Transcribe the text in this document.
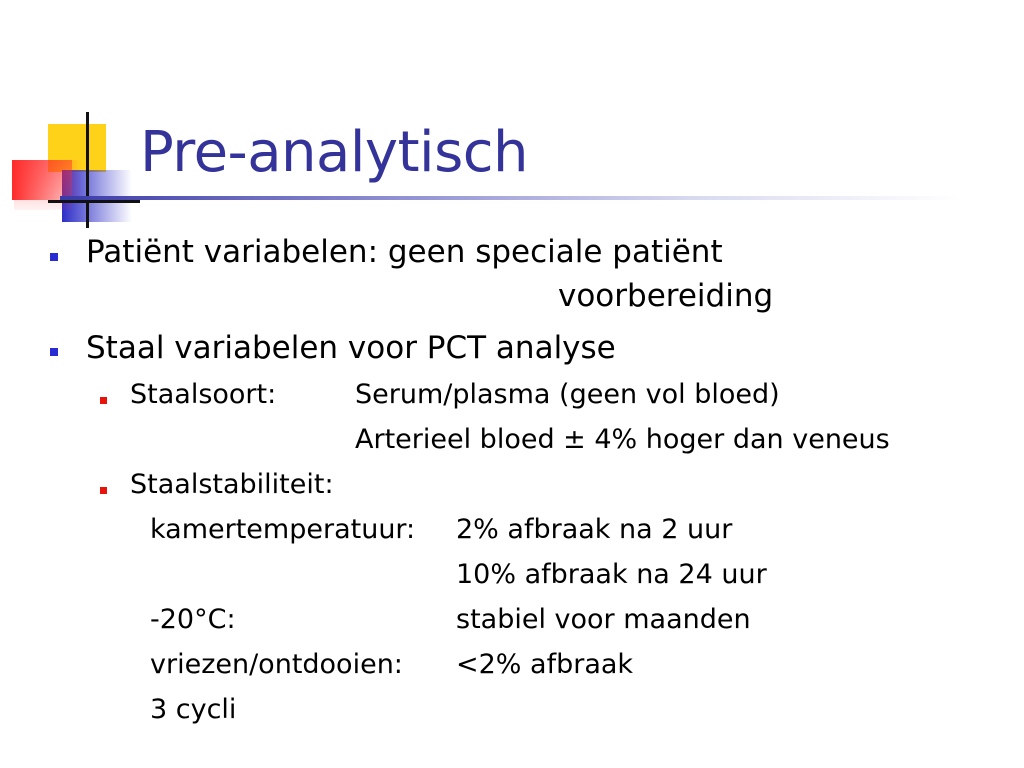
Pre-analytisch
Patiënt variabelen: geen speciale patiënt
voorbereiding
Staal variabelen voor PCT analyse
Staalsoort:	Serum/plasma (geen vol bloed)
Arterieel bloed ± 4% hoger dan veneus
Staalstabiliteit:
kamertemperatuur: 2% afbraak na 2 uur
10% afbraak na 24 uur
-20°C:	stabiel voor maanden
vriezen/ontdooien: <2% afbraak
3 cycli
